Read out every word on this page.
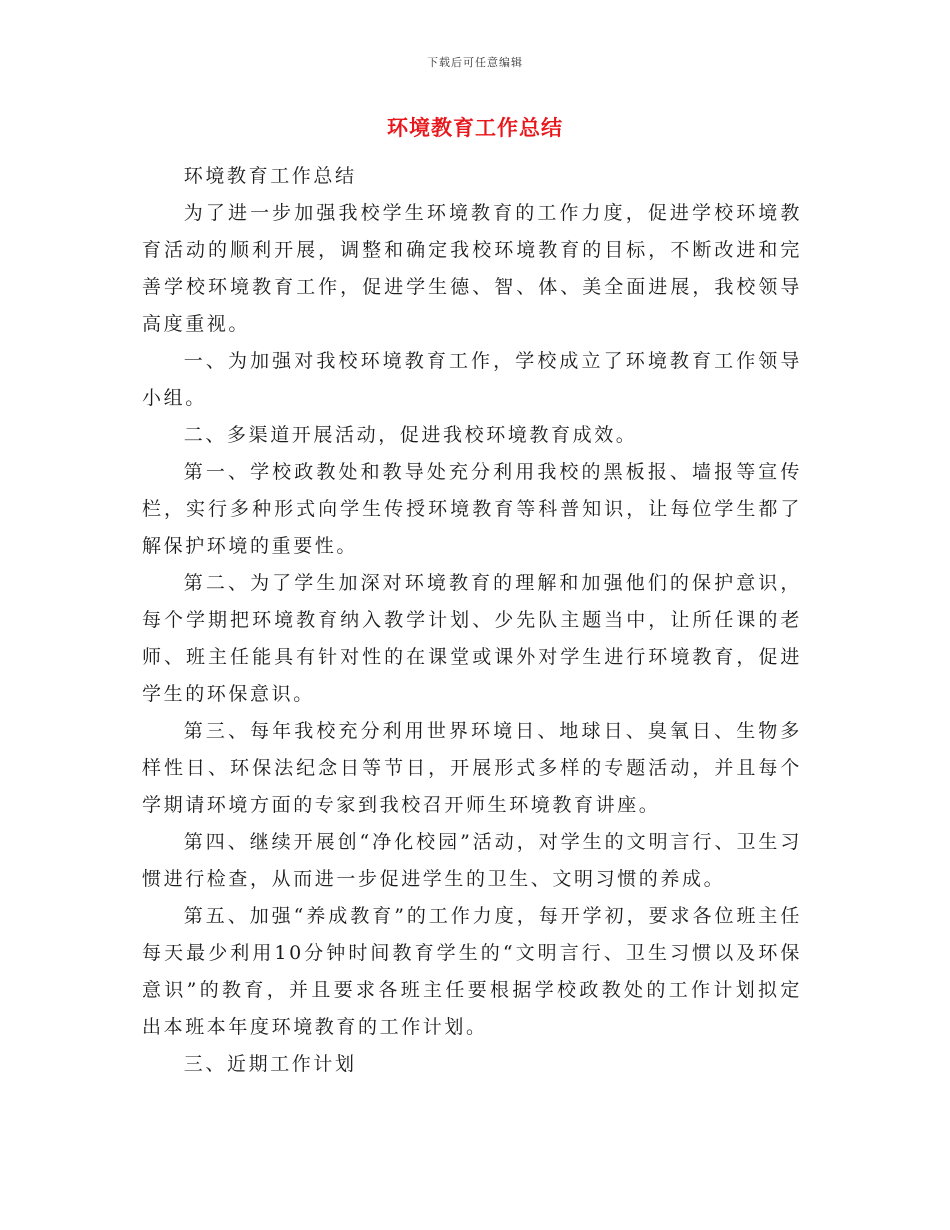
下载后可任意编辑
环境教育工作总结

环境教育工作总结

为了进一步加强我校学生环境教育的工作力度，促进学校环境教育活动的顺利开展，调整和确定我校环境教育的目标，不断改进和完善学校环境教育工作，促进学生德、智、体、美全面进展，我校领导高度重视。

一、为加强对我校环境教育工作，学校成立了环境教育工作领导小组。

二、多渠道开展活动，促进我校环境教育成效。

第一、学校政教处和教导处充分利用我校的黑板报、墙报等宣传栏，实行多种形式向学生传授环境教育等科普知识，让每位学生都了解保护环境的重要性。

第二、为了学生加深对环境教育的理解和加强他们的保护意识，每个学期把环境教育纳入教学计划、少先队主题当中，让所任课的老师、班主任能具有针对性的在课堂或课外对学生进行环境教育，促进学生的环保意识。

第三、每年我校充分利用世界环境日、地球日、臭氧日、生物多样性日、环保法纪念日等节日，开展形式多样的专题活动，并且每个学期请环境方面的专家到我校召开师生环境教育讲座。

第四、继续开展创“净化校园”活动，对学生的文明言行、卫生习惯进行检查，从而进一步促进学生的卫生、文明习惯的养成。

第五、加强“养成教育”的工作力度，每开学初，要求各位班主任每天最少利用10分钟时间教育学生的“文明言行、卫生习惯以及环保意识”的教育，并且要求各班主任要根据学校政教处的工作计划拟定出本班本年度环境教育的工作计划。

三、近期工作计划
